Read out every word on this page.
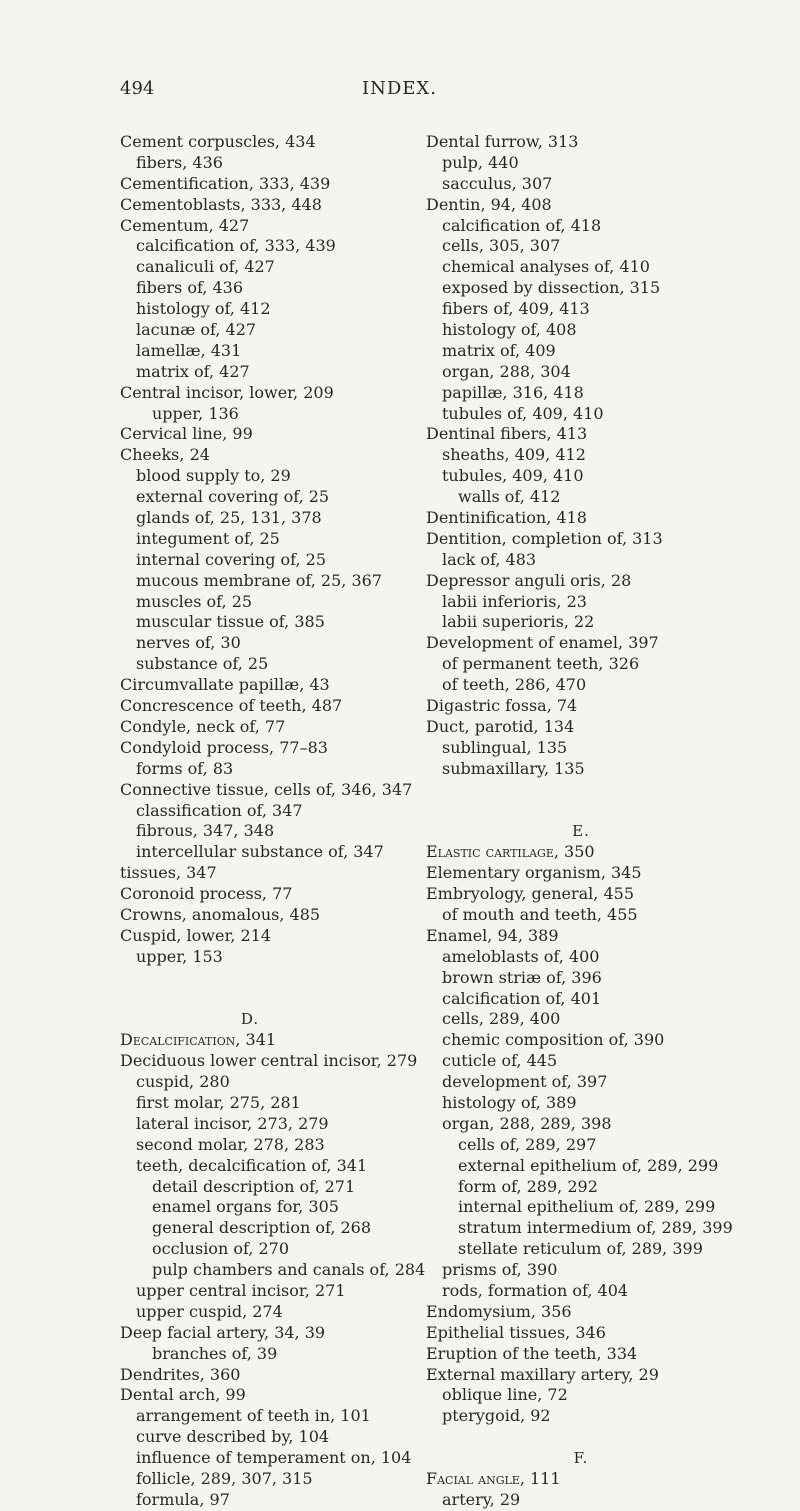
494	INDEX.
Cement corpuscles, 434
fibers, 436
Cementification, 333, 439
Cementoblasts, 333, 448
Cementum, 427
calcification of, 333, 439
canaliculi of, 427
fibers of, 436
histology of, 412
lacunæ of, 427
lamellæ, 431
matrix of, 427
Central incisor, lower, 209
upper, 136
Cervical line, 99
Cheeks, 24
blood supply to, 29
external covering of, 25
glands of, 25, 131, 378
integument of, 25
internal covering of, 25
mucous membrane of, 25, 367
muscles of, 25
muscular tissue of, 385
nerves of, 30
substance of, 25
Circumvallate papillæ, 43
Concrescence of teeth, 487
Condyle, neck of, 77
Condyloid process, 77–83
forms of, 83
Connective tissue, cells of, 346, 347
classification of, 347
fibrous, 347, 348
intercellular substance of, 347
tissues, 347
Coronoid process, 77
Crowns, anomalous, 485
Cuspid, lower, 214
upper, 153
D.
Decalcification, 341
Deciduous lower central incisor, 279
cuspid, 280
first molar, 275, 281
lateral incisor, 273, 279
second molar, 278, 283
teeth, decalcification of, 341
detail description of, 271
enamel organs for, 305
general description of, 268
occlusion of, 270
pulp chambers and canals of, 284
upper central incisor, 271
upper cuspid, 274
Deep facial artery, 34, 39
branches of, 39
Dendrites, 360
Dental arch, 99
arrangement of teeth in, 101
curve described by, 104
influence of temperament on, 104
follicle, 289, 307, 315
formula, 97
Dental furrow, 313
pulp, 440
sacculus, 307
Dentin, 94, 408
calcification of, 418
cells, 305, 307
chemical analyses of, 410
exposed by dissection, 315
fibers of, 409, 413
histology of, 408
matrix of, 409
organ, 288, 304
papillæ, 316, 418
tubules of, 409, 410
Dentinal fibers, 413
sheaths, 409, 412
tubules, 409, 410
walls of, 412
Dentinification, 418
Dentition, completion of, 313
lack of, 483
Depressor anguli oris, 28
labii inferioris, 23
labii superioris, 22
Development of enamel, 397
of permanent teeth, 326
of teeth, 286, 470
Digastric fossa, 74
Duct, parotid, 134
sublingual, 135
submaxillary, 135
E.
Elastic cartilage, 350
Elementary organism, 345
Embryology, general, 455
of mouth and teeth, 455
Enamel, 94, 389
ameloblasts of, 400
brown striæ of, 396
calcification of, 401
cells, 289, 400
chemic composition of, 390
cuticle of, 445
development of, 397
histology of, 389
organ, 288, 289, 398
cells of, 289, 297
external epithelium of, 289, 299
form of, 289, 292
internal epithelium of, 289, 299
stratum intermedium of, 289, 399
stellate reticulum of, 289, 399
prisms of, 390
rods, formation of, 404
Endomysium, 356
Epithelial tissues, 346
Eruption of the teeth, 334
External maxillary artery, 29
oblique line, 72
pterygoid, 92
F.
Facial angle, 111
artery, 29
